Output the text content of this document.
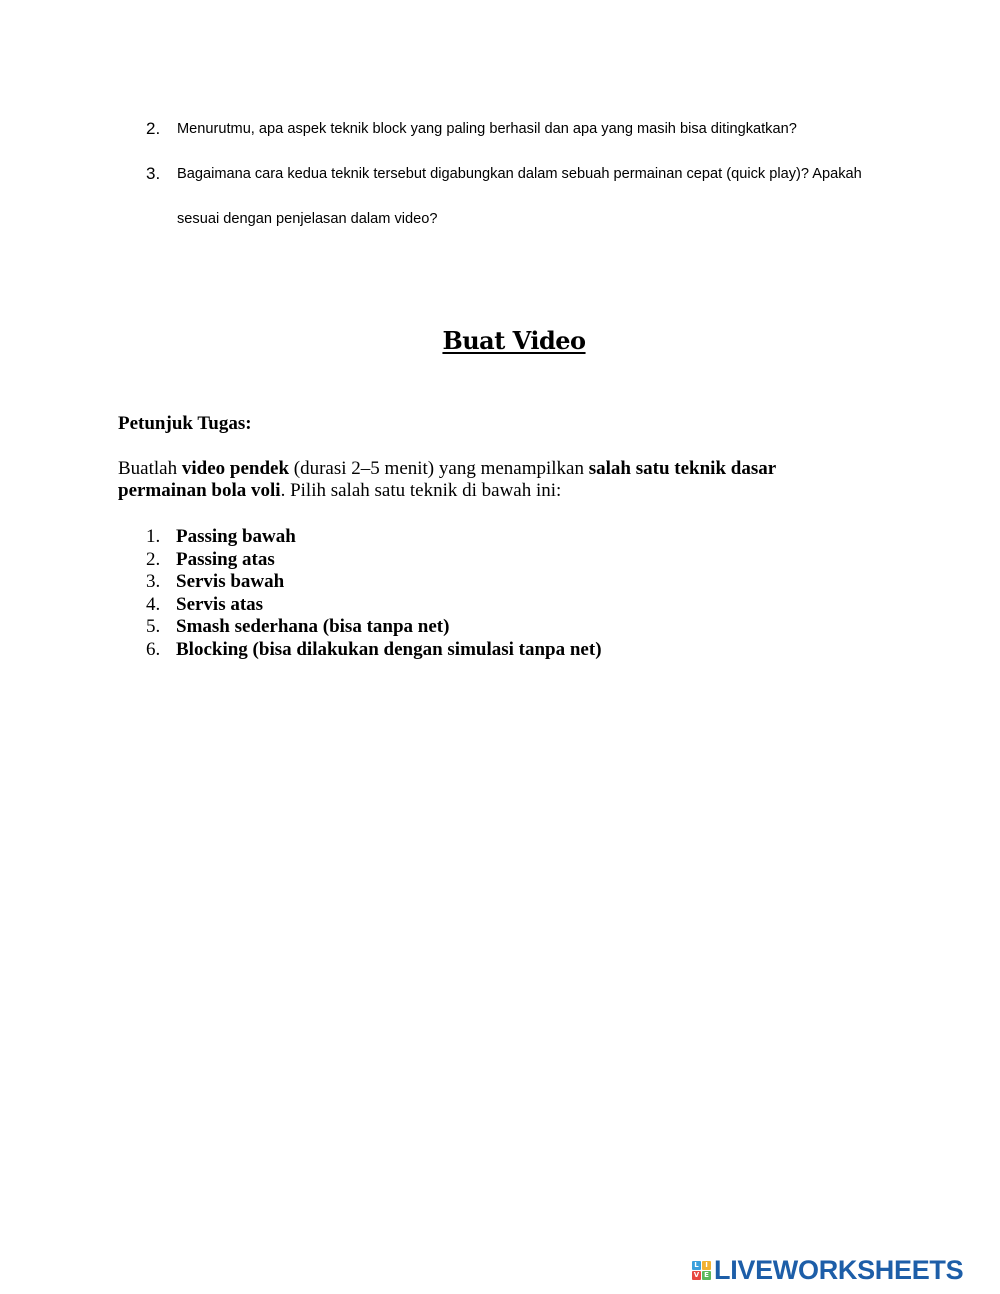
2. Menurutmu, apa aspek teknik block yang paling berhasil dan apa yang masih bisa ditingkatkan?
3. Bagaimana cara kedua teknik tersebut digabungkan dalam sebuah permainan cepat (quick play)? Apakah sesuai dengan penjelasan dalam video?
Buat Video
Petunjuk Tugas:
Buatlah video pendek (durasi 2–5 menit) yang menampilkan salah satu teknik dasar permainan bola voli. Pilih salah satu teknik di bawah ini:
1. Passing bawah
2. Passing atas
3. Servis bawah
4. Servis atas
5. Smash sederhana (bisa tanpa net)
6. Blocking (bisa dilakukan dengan simulasi tanpa net)
L I
V E LIVEWORKSHEETS
